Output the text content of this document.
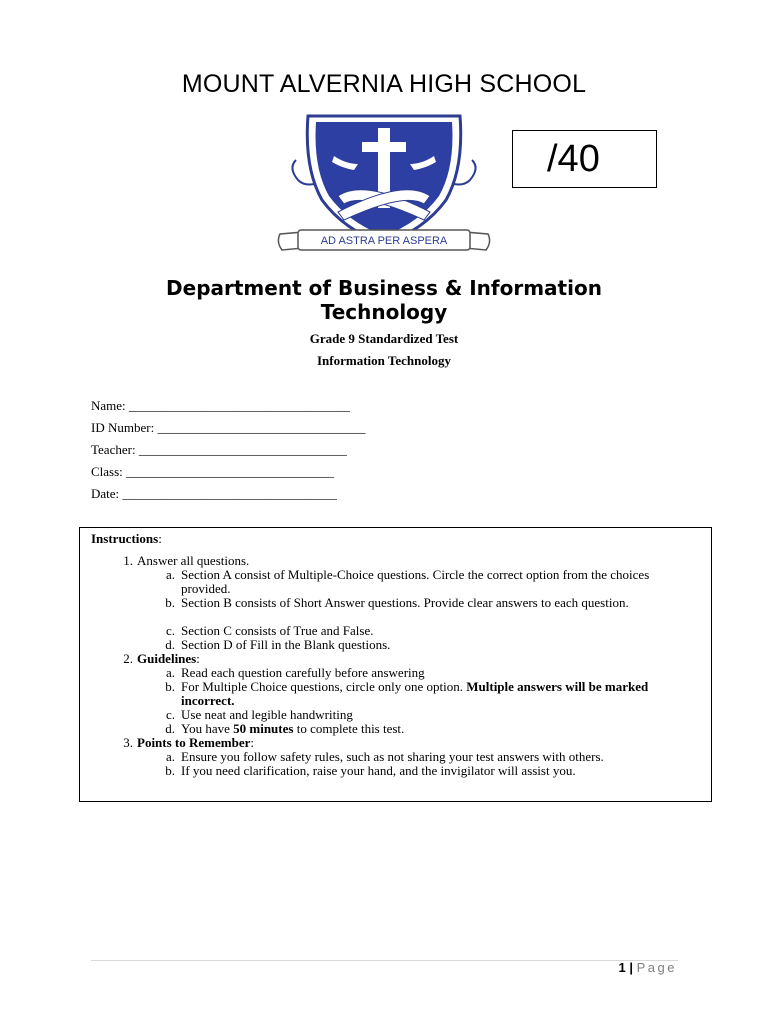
MOUNT ALVERNIA HIGH SCHOOL
AD ASTRA PER ASPERA
/40
Department of Business & Information Technology
Grade 9 Standardized Test
Information Technology
Name: __________________________________
ID Number: ________________________________
Teacher: ________________________________
Class: ________________________________
Date: _________________________________
Instructions:
1. Answer all questions.
a. Section A consist of Multiple-Choice questions. Circle the correct option from the choices provided.
b. Section B consists of Short Answer questions. Provide clear answers to each question.
c. Section C consists of True and False.
d. Section D of Fill in the Blank questions.
2. Guidelines:
a. Read each question carefully before answering
b. For Multiple Choice questions, circle only one option. Multiple answers will be marked incorrect.
c. Use neat and legible handwriting
d. You have 50 minutes to complete this test.
3. Points to Remember:
a. Ensure you follow safety rules, such as not sharing your test answers with others.
b. If you need clarification, raise your hand, and the invigilator will assist you.
1 | Page
